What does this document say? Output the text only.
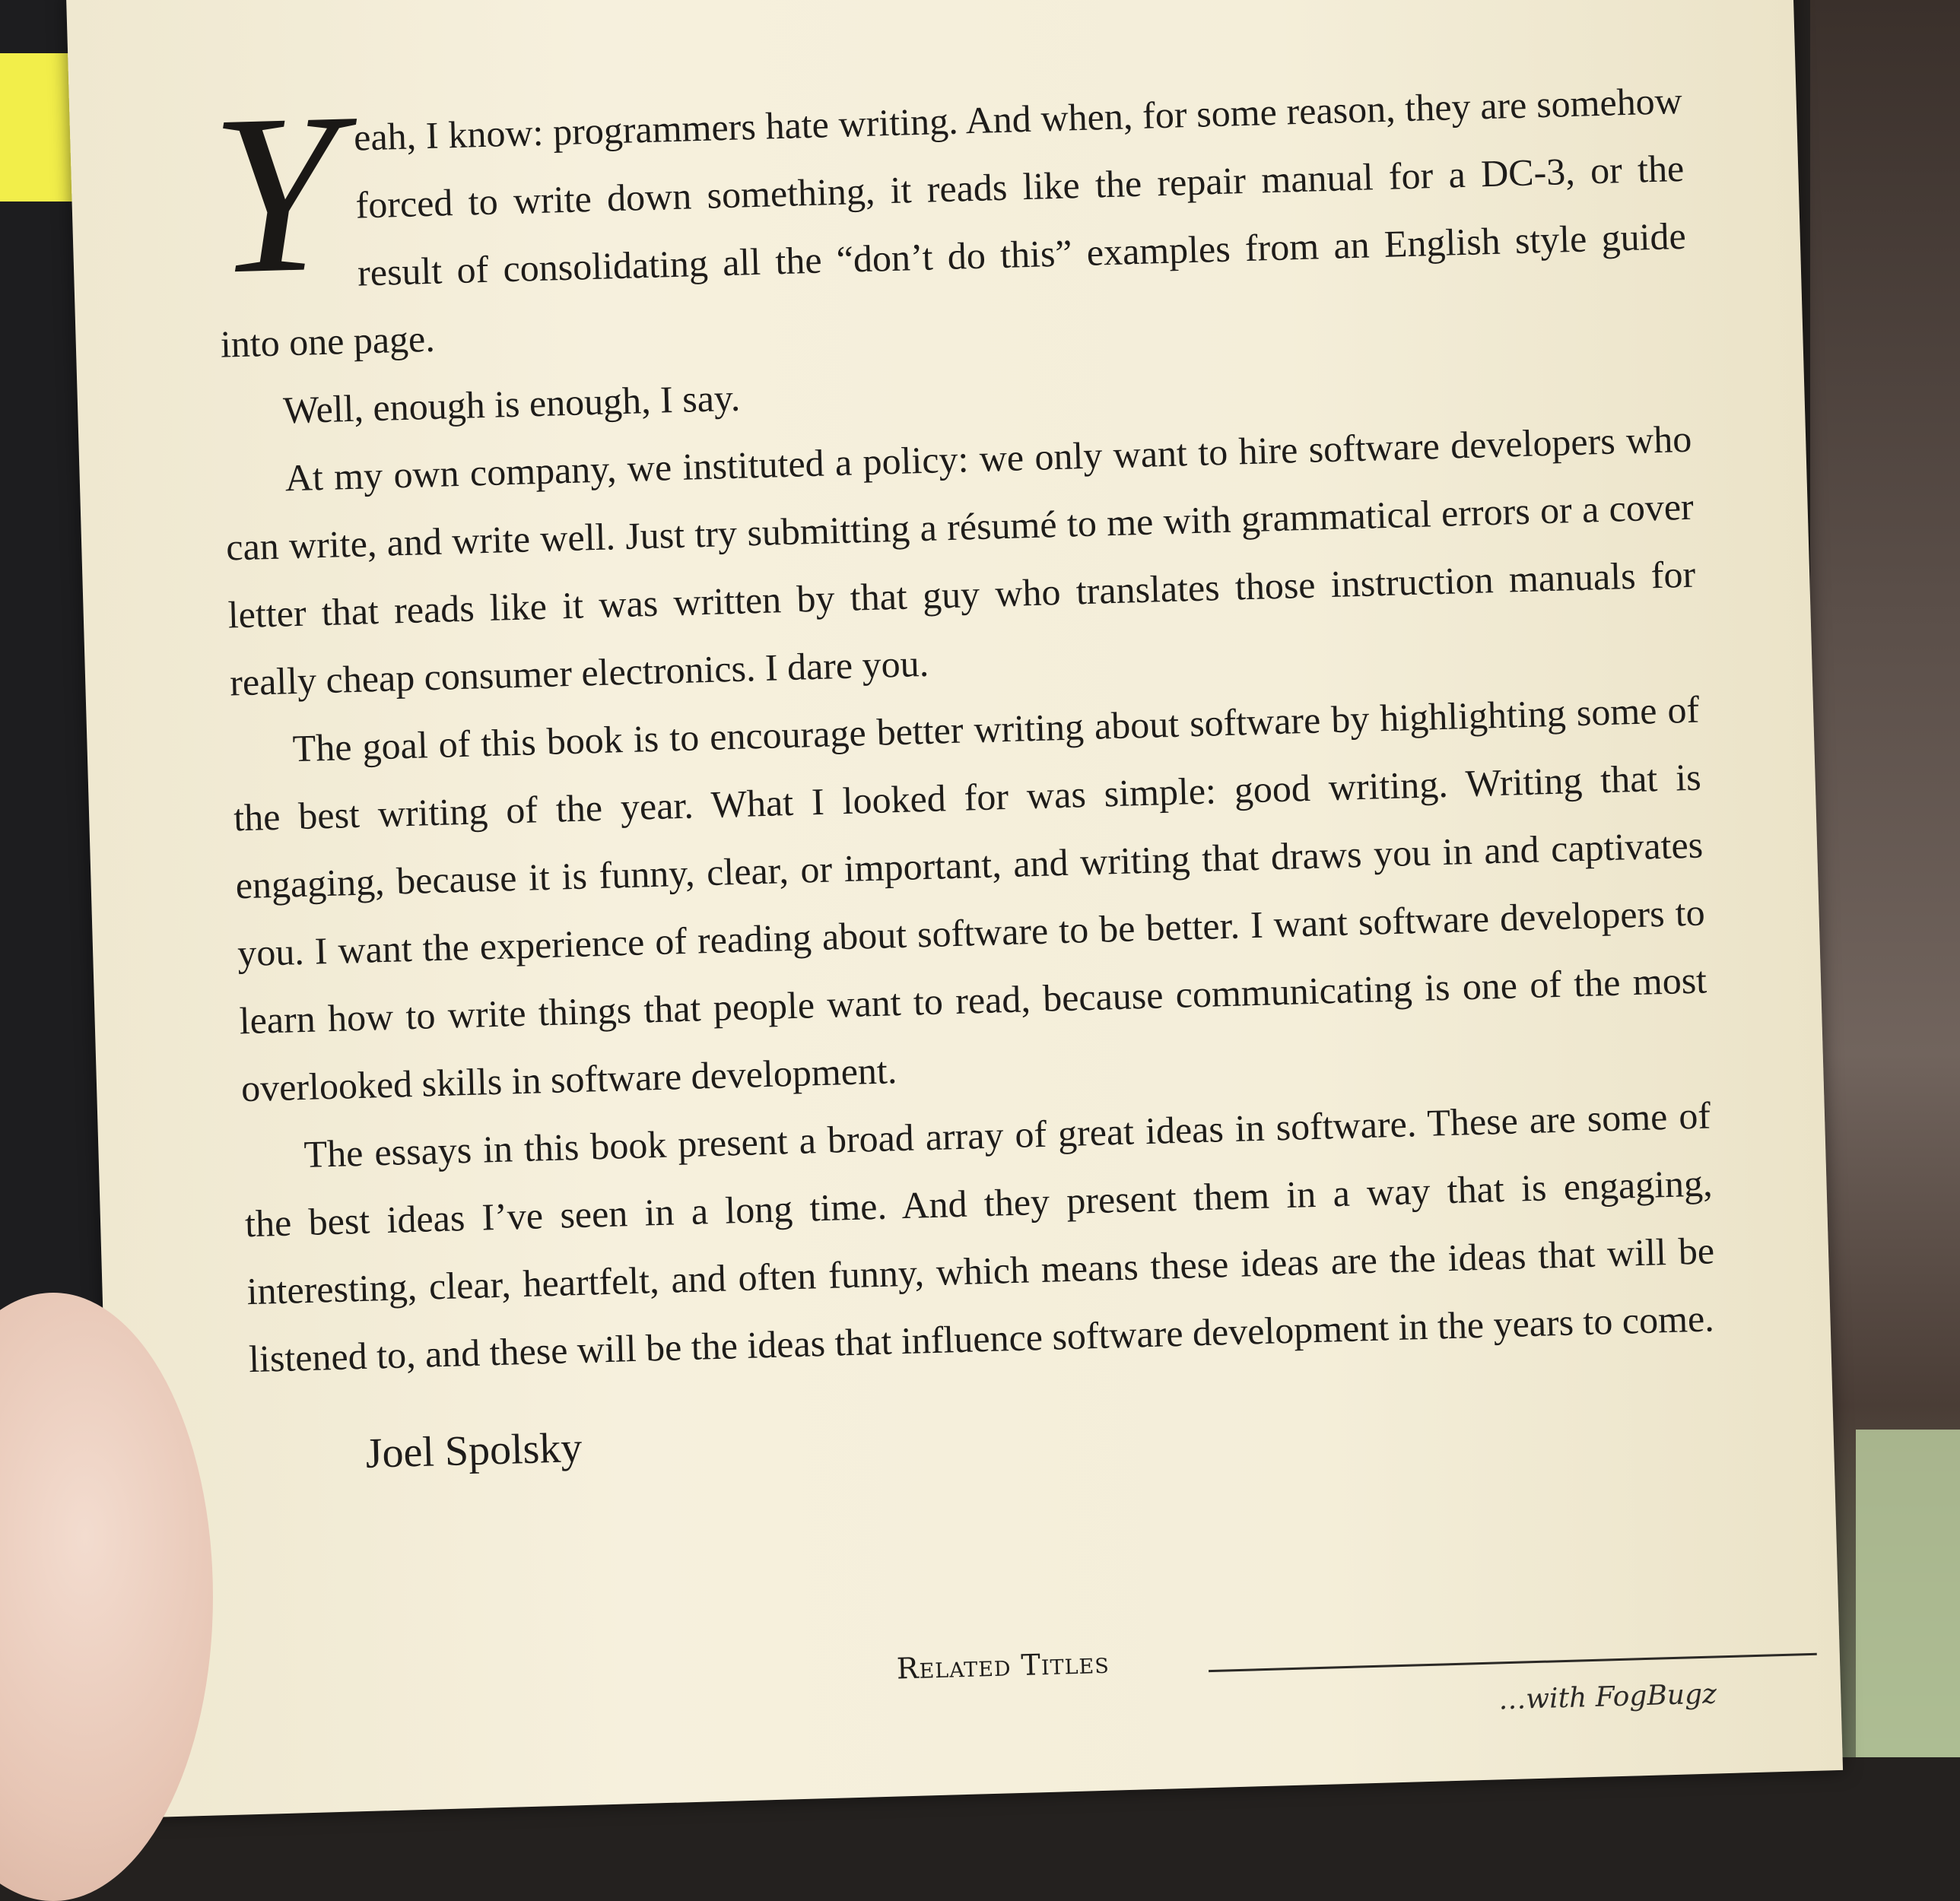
Y eah, I know: programmers hate writing. And when, for some reason, they are somehow forced to write down something, it reads like the repair manual for a DC-3, or the result of consolidating all the “don’t do this” examples from an English style guide into one page.

Well, enough is enough, I say.

At my own company, we instituted a policy: we only want to hire software developers who can write, and write well. Just try submitting a résumé to me with grammatical errors or a cover letter that reads like it was written by that guy who translates those instruction manuals for really cheap consumer electronics. I dare you.

The goal of this book is to encourage better writing about software by highlighting some of the best writing of the year. What I looked for was simple: good writing. Writing that is engaging, because it is funny, clear, or important, and writing that draws you in and captivates you. I want the experience of reading about software to be better. I want software developers to learn how to write things that people want to read, because communicating is one of the most overlooked skills in software development.

The essays in this book present a broad array of great ideas in software. These are some of the best ideas I’ve seen in a long time. And they present them in a way that is engaging, interesting, clear, heartfelt, and often funny, which means these ideas are the ideas that will be listened to, and these will be the ideas that influence software development in the years to come.

Joel Spolsky
Related Titles
…with FogBugz
